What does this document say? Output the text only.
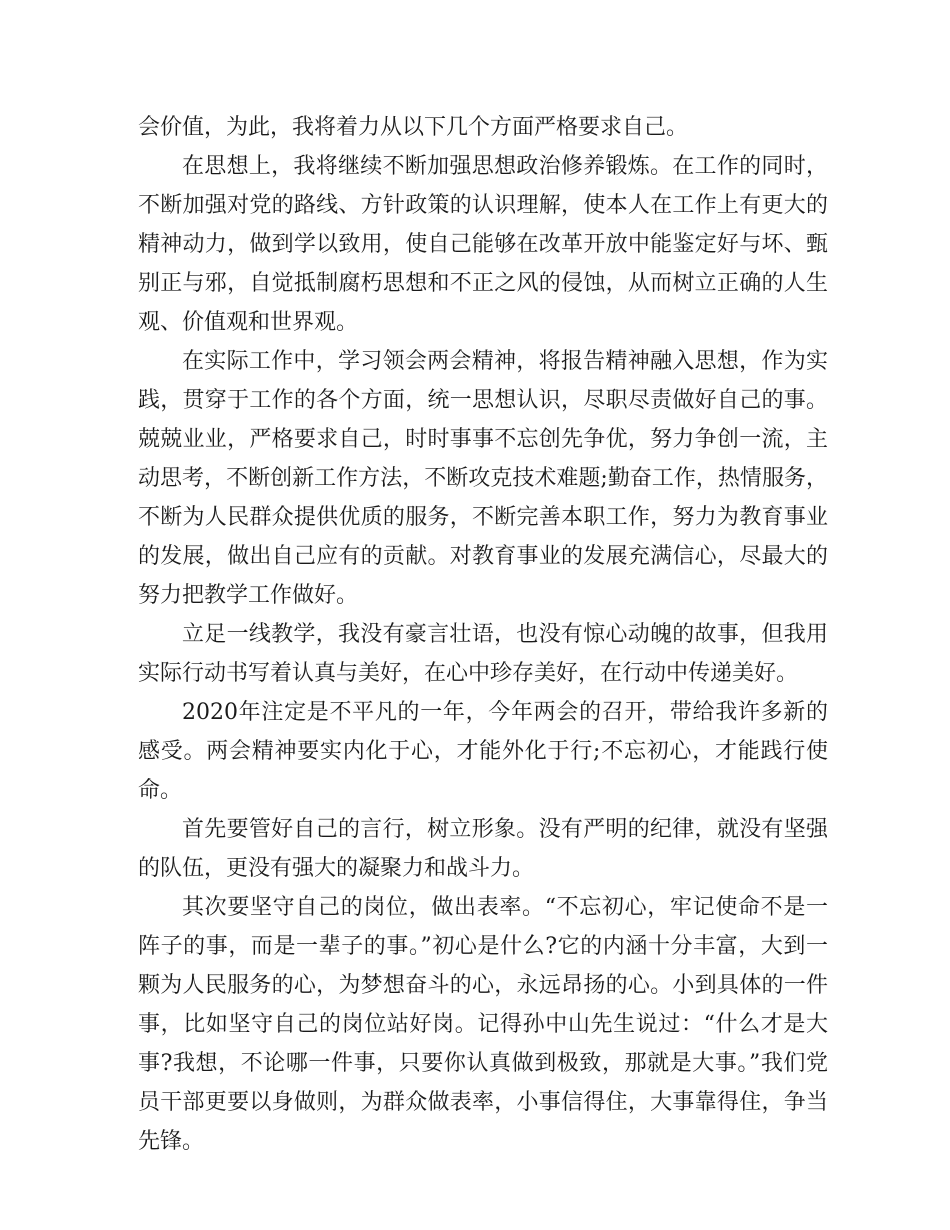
会价值，为此，我将着力从以下几个方面严格要求自己。

在思想上，我将继续不断加强思想政治修养锻炼。在工作的同时，不断加强对党的路线、方针政策的认识理解，使本人在工作上有更大的精神动力，做到学以致用，使自己能够在改革开放中能鉴定好与坏、甄别正与邪，自觉抵制腐朽思想和不正之风的侵蚀，从而树立正确的人生观、价值观和世界观。

在实际工作中，学习领会两会精神，将报告精神融入思想，作为实践，贯穿于工作的各个方面，统一思想认识，尽职尽责做好自己的事。兢兢业业，严格要求自己，时时事事不忘创先争优，努力争创一流，主动思考，不断创新工作方法，不断攻克技术难题;勤奋工作，热情服务，不断为人民群众提供优质的服务，不断完善本职工作，努力为教育事业的发展，做出自己应有的贡献。对教育事业的发展充满信心，尽最大的努力把教学工作做好。

立足一线教学，我没有豪言壮语，也没有惊心动魄的故事，但我用实际行动书写着认真与美好，在心中珍存美好，在行动中传递美好。

2020年注定是不平凡的一年，今年两会的召开，带给我许多新的感受。两会精神要实内化于心，才能外化于行;不忘初心，才能践行使命。

首先要管好自己的言行，树立形象。没有严明的纪律，就没有坚强的队伍，更没有强大的凝聚力和战斗力。

其次要坚守自己的岗位，做出表率。“不忘初心，牢记使命不是一阵子的事，而是一辈子的事。”初心是什么?它的内涵十分丰富，大到一颗为人民服务的心，为梦想奋斗的心，永远昂扬的心。小到具体的一件事，比如坚守自己的岗位站好岗。记得孙中山先生说过：“什么才是大事?我想，不论哪一件事，只要你认真做到极致，那就是大事。”我们党员干部更要以身做则，为群众做表率，小事信得住，大事靠得住，争当先锋。
